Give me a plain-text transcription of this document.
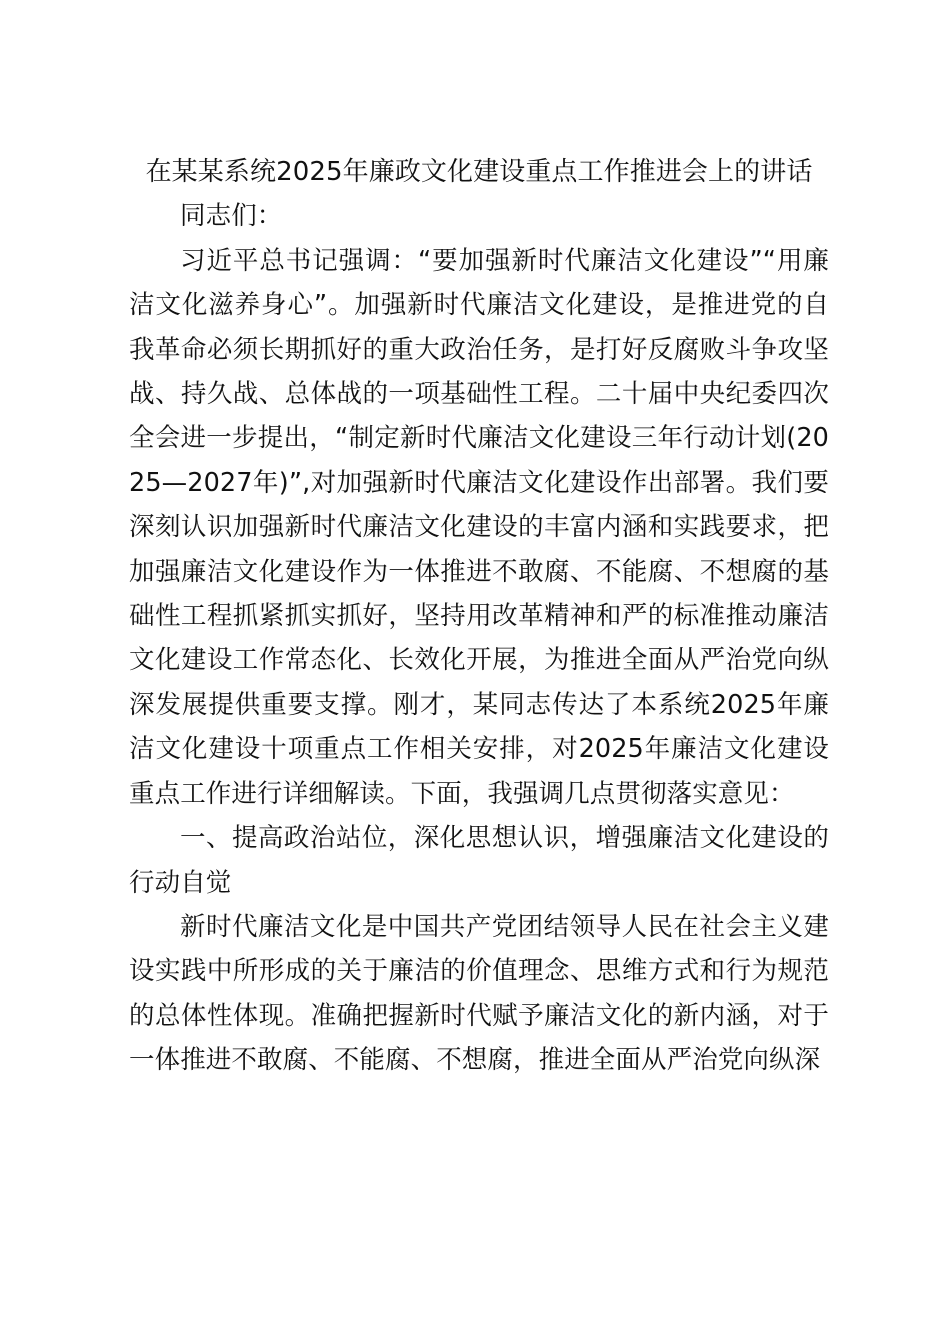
在某某系统2025年廉政文化建设重点工作推进会上的讲话

同志们：

习近平总书记强调：“要加强新时代廉洁文化建设”“用廉洁文化滋养身心”。加强新时代廉洁文化建设，是推进党的自我革命必须长期抓好的重大政治任务，是打好反腐败斗争攻坚战、持久战、总体战的一项基础性工程。二十届中央纪委四次全会进一步提出，“制定新时代廉洁文化建设三年行动计划(2025—2027年)”,对加强新时代廉洁文化建设作出部署。我们要深刻认识加强新时代廉洁文化建设的丰富内涵和实践要求，把加强廉洁文化建设作为一体推进不敢腐、不能腐、不想腐的基础性工程抓紧抓实抓好，坚持用改革精神和严的标准推动廉洁文化建设工作常态化、长效化开展，为推进全面从严治党向纵深发展提供重要支撑。刚才，某同志传达了本系统2025年廉洁文化建设十项重点工作相关安排，对2025年廉洁文化建设重点工作进行详细解读。下面，我强调几点贯彻落实意见：

一、提高政治站位，深化思想认识，增强廉洁文化建设的行动自觉

新时代廉洁文化是中国共产党团结领导人民在社会主义建设实践中所形成的关于廉洁的价值理念、思维方式和行为规范的总体性体现。准确把握新时代赋予廉洁文化的新内涵，对于一体推进不敢腐、不能腐、不想腐，推进全面从严治党向纵深
